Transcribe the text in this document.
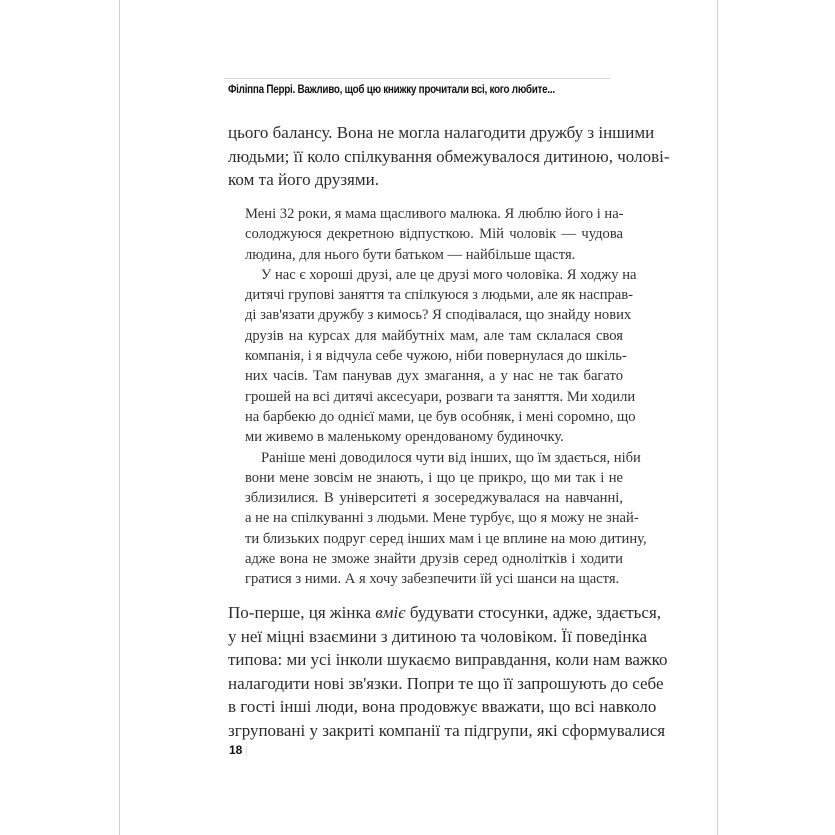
Філіппа Перрі. Важливо, щоб цю книжку прочитали всі, кого любите...
цього балансу. Вона не могла налагодити дружбу з іншими
людьми; її коло спілкування обмежувалося дитиною, чолові-
ком та його друзями.
Мені 32 роки, я мама щасливого малюка. Я люблю його і на-
солоджуюся декретною відпусткою. Мій чоловік — чудова
людина, для нього бути батьком — найбільше щастя.
У нас є хороші друзі, але це друзі мого чоловіка. Я ходжу на
дитячі групові заняття та спілкуюся з людьми, але як насправ-
ді зав'язати дружбу з кимось? Я сподівалася, що знайду нових
друзів на курсах для майбутніх мам, але там склалася своя
компанія, і я відчула себе чужою, ніби повернулася до шкіль-
них часів. Там панував дух змагання, а у нас не так багато
грошей на всі дитячі аксесуари, розваги та заняття. Ми ходили
на барбекю до однієї мами, це був особняк, і мені соромно, що
ми живемо в маленькому орендованому будиночку.
Раніше мені доводилося чути від інших, що їм здається, ніби
вони мене зовсім не знають, і що це прикро, що ми так і не
зблизилися. В університеті я зосереджувалася на навчанні,
а не на спілкуванні з людьми. Мене турбує, що я можу не знай-
ти близьких подруг серед інших мам і це вплине на мою дитину,
адже вона не зможе знайти друзів серед однолітків і ходити
гратися з ними. А я хочу забезпечити їй усі шанси на щастя.
По-перше, ця жінка вміє будувати стосунки, адже, здається,
у неї міцні взаємини з дитиною та чоловіком. Її поведінка
типова: ми усі інколи шукаємо виправдання, коли нам важко
налагодити нові зв'язки. Попри те що її запрошують до себе
в гості інші люди, вона продовжує вважати, що всі навколо
згруповані у закриті компанії та підгрупи, які сформувалися
18
